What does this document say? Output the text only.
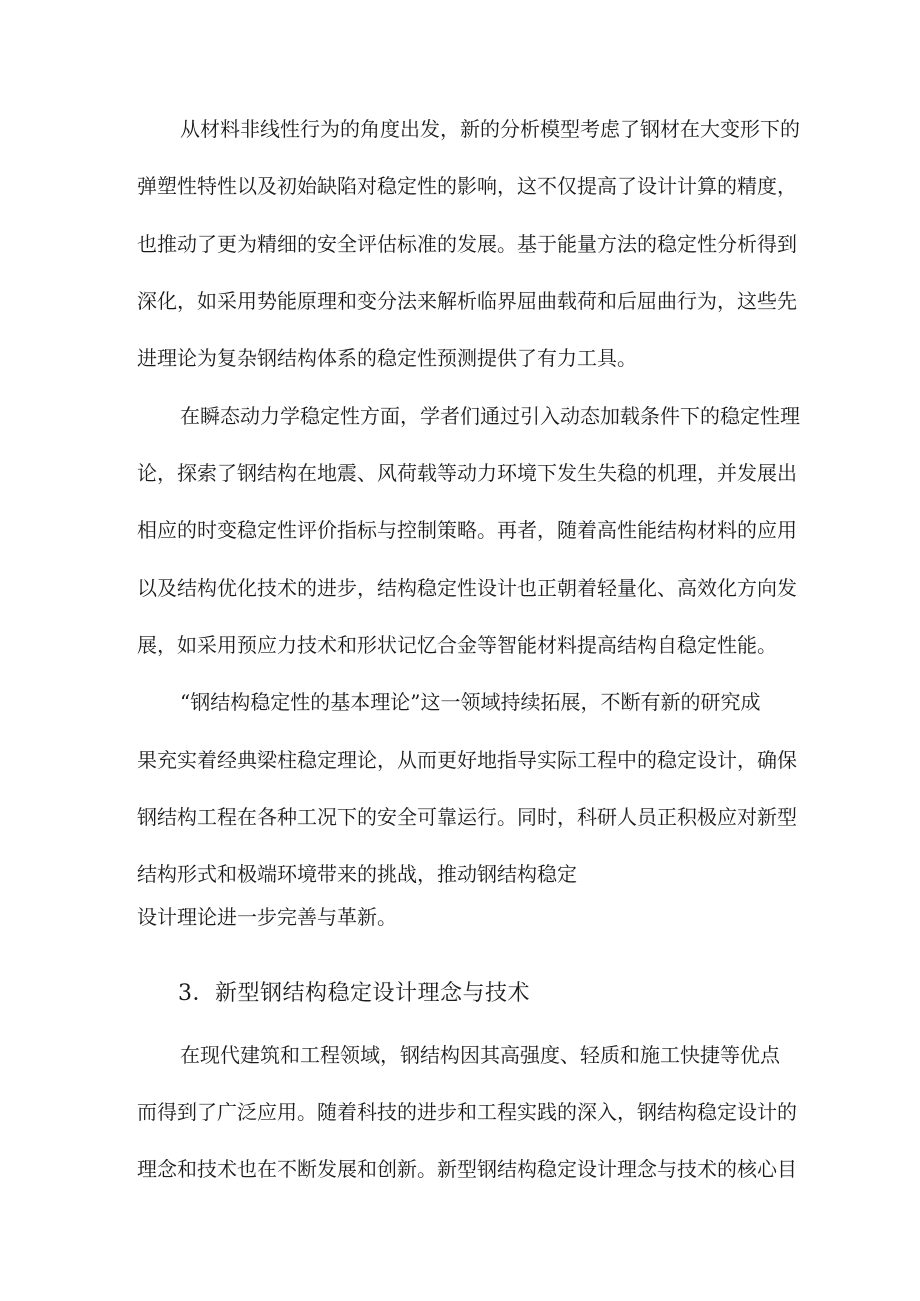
从材料非线性行为的角度出发，新的分析模型考虑了钢材在大变形下的
弹塑性特性以及初始缺陷对稳定性的影响，这不仅提高了设计计算的精度，
也推动了更为精细的安全评估标准的发展。基于能量方法的稳定性分析得到
深化，如采用势能原理和变分法来解析临界屈曲载荷和后屈曲行为，这些先
进理论为复杂钢结构体系的稳定性预测提供了有力工具。
在瞬态动力学稳定性方面，学者们通过引入动态加载条件下的稳定性理
论，探索了钢结构在地震、风荷载等动力环境下发生失稳的机理，并发展出
相应的时变稳定性评价指标与控制策略。再者，随着高性能结构材料的应用
以及结构优化技术的进步，结构稳定性设计也正朝着轻量化、高效化方向发
展，如采用预应力技术和形状记忆合金等智能材料提高结构自稳定性能。
“钢结构稳定性的基本理论”这一领域持续拓展，不断有新的研究成
果充实着经典梁柱稳定理论，从而更好地指导实际工程中的稳定设计，确保
钢结构工程在各种工况下的安全可靠运行。同时，科研人员正积极应对新型
结构形式和极端环境带来的挑战，推动钢结构稳定
设计理论进一步完善与革新。
3．新型钢结构稳定设计理念与技术
在现代建筑和工程领域，钢结构因其高强度、轻质和施工快捷等优点
而得到了广泛应用。随着科技的进步和工程实践的深入，钢结构稳定设计的
理念和技术也在不断发展和创新。新型钢结构稳定设计理念与技术的核心目
